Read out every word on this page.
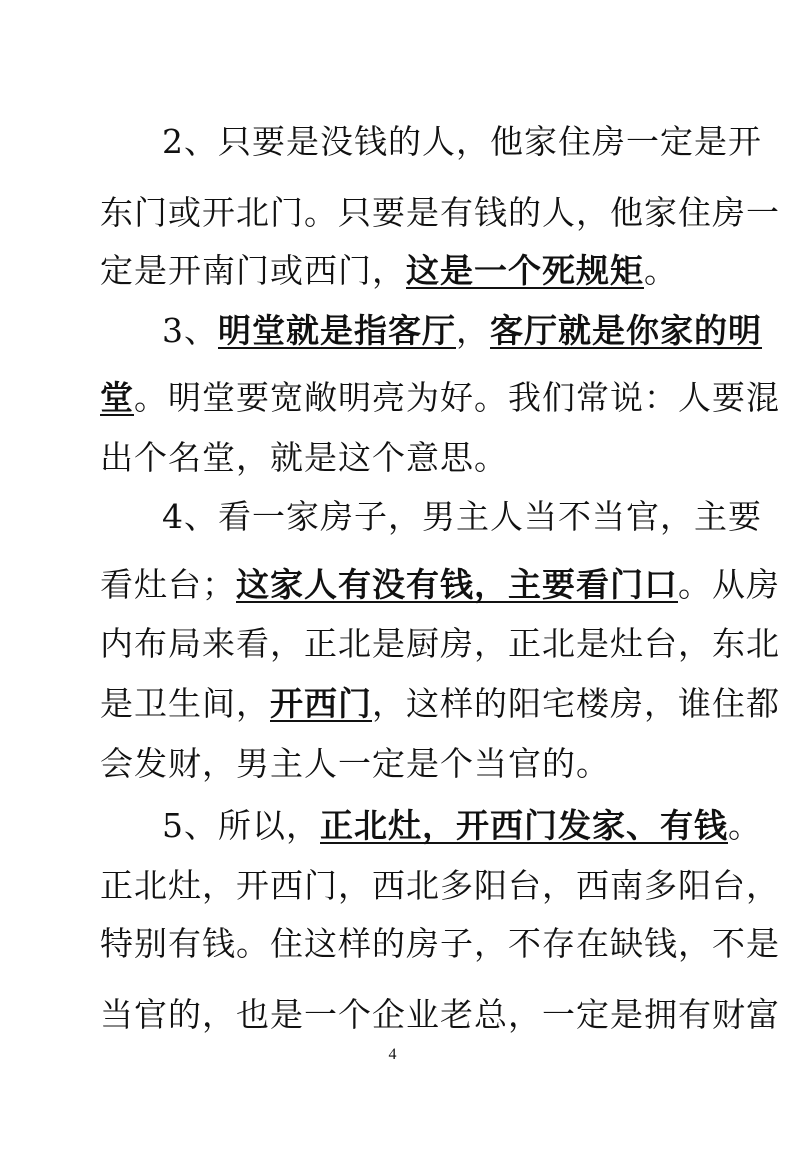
2、只要是没钱的人，他家住房一定是开
东门或开北门。只要是有钱的人，他家住房一
定是开南门或西门，这是一个死规矩。
3、明堂就是指客厅，客厅就是你家的明
堂。明堂要宽敞明亮为好。我们常说：人要混
出个名堂，就是这个意思。
4、看一家房子，男主人当不当官，主要
看灶台；这家人有没有钱，主要看门口。从房
内布局来看，正北是厨房，正北是灶台，东北
是卫生间，开西门，这样的阳宅楼房，谁住都
会发财，男主人一定是个当官的。
5、所以，正北灶，开西门发家、有钱。
正北灶，开西门，西北多阳台，西南多阳台，
特别有钱。住这样的房子，不存在缺钱，不是
当官的，也是一个企业老总，一定是拥有财富
4
